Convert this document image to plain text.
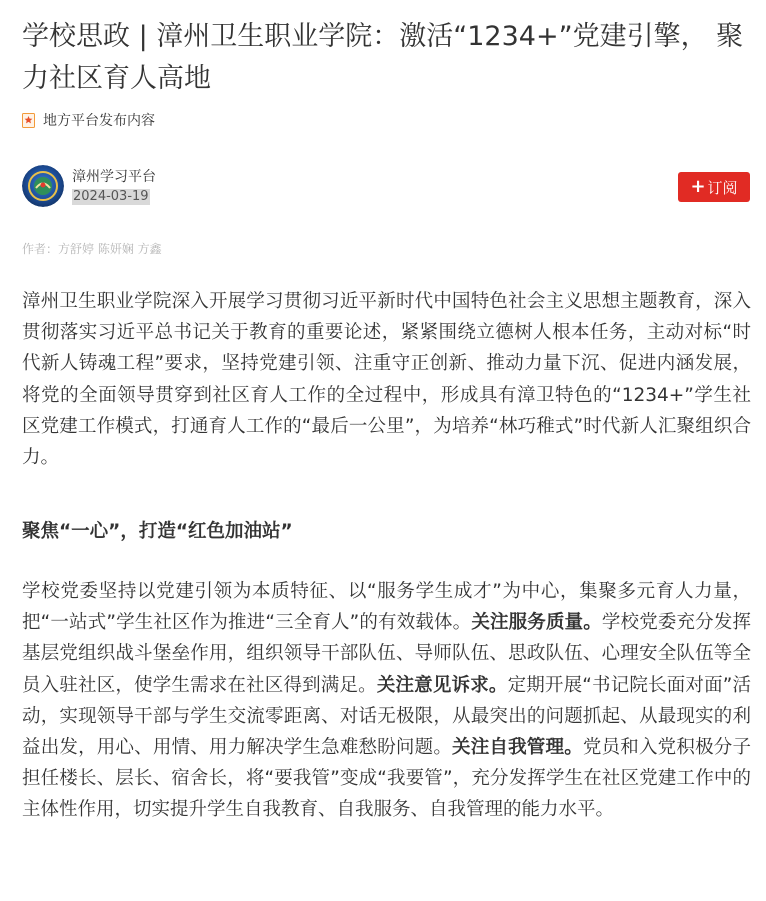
学校思政 | 漳州卫生职业学院：激活“1234+”党建引擎， 聚力社区育人高地
地方平台发布内容
漳州学习平台
2024-03-19	+ 订阅
作者：方舒婷 陈妍娴 方鑫

漳州卫生职业学院深入开展学习贯彻习近平新时代中国特色社会主义思想主题教育，深入贯彻落实习近平总书记关于教育的重要论述，紧紧围绕立德树人根本任务，主动对标“时代新人铸魂工程”要求，坚持党建引领、注重守正创新、推动力量下沉、促进内涵发展，将党的全面领导贯穿到社区育人工作的全过程中，形成具有漳卫特色的“1234+”学生社区党建工作模式，打通育人工作的“最后一公里”，为培养“林巧稚式”时代新人汇聚组织合力。

聚焦“一心”，打造“红色加油站”

学校党委坚持以党建引领为本质特征、以“服务学生成才”为中心，集聚多元育人力量，把“一站式”学生社区作为推进“三全育人”的有效载体。关注服务质量。学校党委充分发挥基层党组织战斗堡垒作用，组织领导干部队伍、导师队伍、思政队伍、心理安全队伍等全员入驻社区，使学生需求在社区得到满足。关注意见诉求。定期开展“书记院长面对面”活动，实现领导干部与学生交流零距离、对话无极限，从最突出的问题抓起、从最现实的利益出发，用心、用情、用力解决学生急难愁盼问题。关注自我管理。党员和入党积极分子担任楼长、层长、宿舍长，将“要我管”变成“我要管”，充分发挥学生在社区党建工作中的主体性作用，切实提升学生自我教育、自我服务、自我管理的能力水平。
